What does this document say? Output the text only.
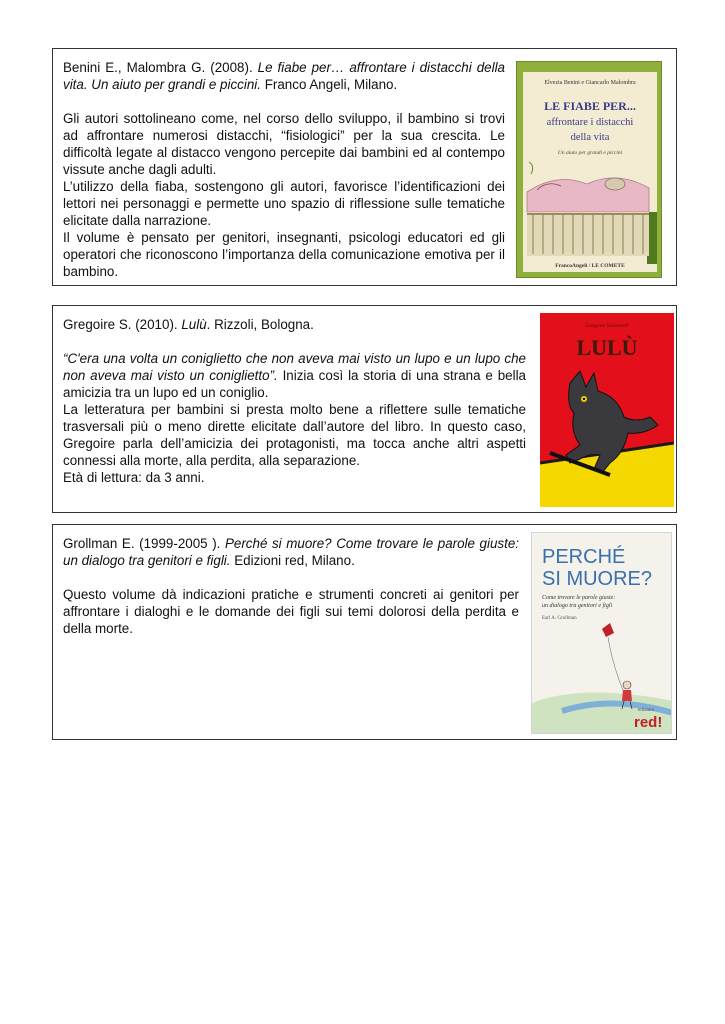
Benini E., Malombra G. (2008). Le fiabe per… affrontare i distacchi della vita. Un aiuto per grandi e piccini. Franco Angeli, Milano.

Gli autori sottolineano come, nel corso dello sviluppo, il bambino si trovi ad affrontare numerosi distacchi, “fisiologici” per la sua crescita. Le difficoltà legate al distacco vengono percepite dai bambini ed al contempo vissute anche dagli adulti.

L’utilizzo della fiaba, sostengono gli autori, favorisce l’identificazioni dei lettori nei personaggi e permette uno spazio di riflessione sulle tematiche elicitate dalla narrazione.

Il volume è pensato per genitori, insegnanti, psicologi educatori ed gli operatori che riconoscono l’importanza della comunicazione emotiva per il bambino.

Elvezia Benini e Giancarlo Malombra
LE FIABE PER...
affrontare i distacchi
della vita
Un aiuto per grandi e piccini
FrancoAngeli / LE COMETE

Gregoire S. (2010). Lulù. Rizzoli, Bologna.

“C'era una volta un coniglietto che non aveva mai visto un lupo e un lupo che non aveva mai visto un coniglietto”. Inizia così la storia di una strana e bella amicizia tra un lupo ed un coniglio.

La letteratura per bambini si presta molto bene a riflettere sulle tematiche trasversali più o meno dirette elicitate dall’autore del libro. In questo caso, Gregoire parla dell’amicizia dei protagonisti, ma tocca anche altri aspetti connessi alla morte, alla perdita, alla separazione.

Età di lettura: da 3 anni.

Grégoire Solotareff
LULÙ

Grollman E. (1999-2005 ). Perché si muore? Come trovare le parole giuste: un dialogo tra genitori e figli. Edizioni red, Milano.

Questo volume dà indicazioni pratiche e strumenti concreti ai genitori per affrontare i dialoghi e le domande dei figli sui temi dolorosi della perdita e della morte.

PERCHÉ
SI MUORE?
Come trovare le parole giuste:
un dialogo tra genitori e figli
Earl A. Grollman
edizioni
red!
